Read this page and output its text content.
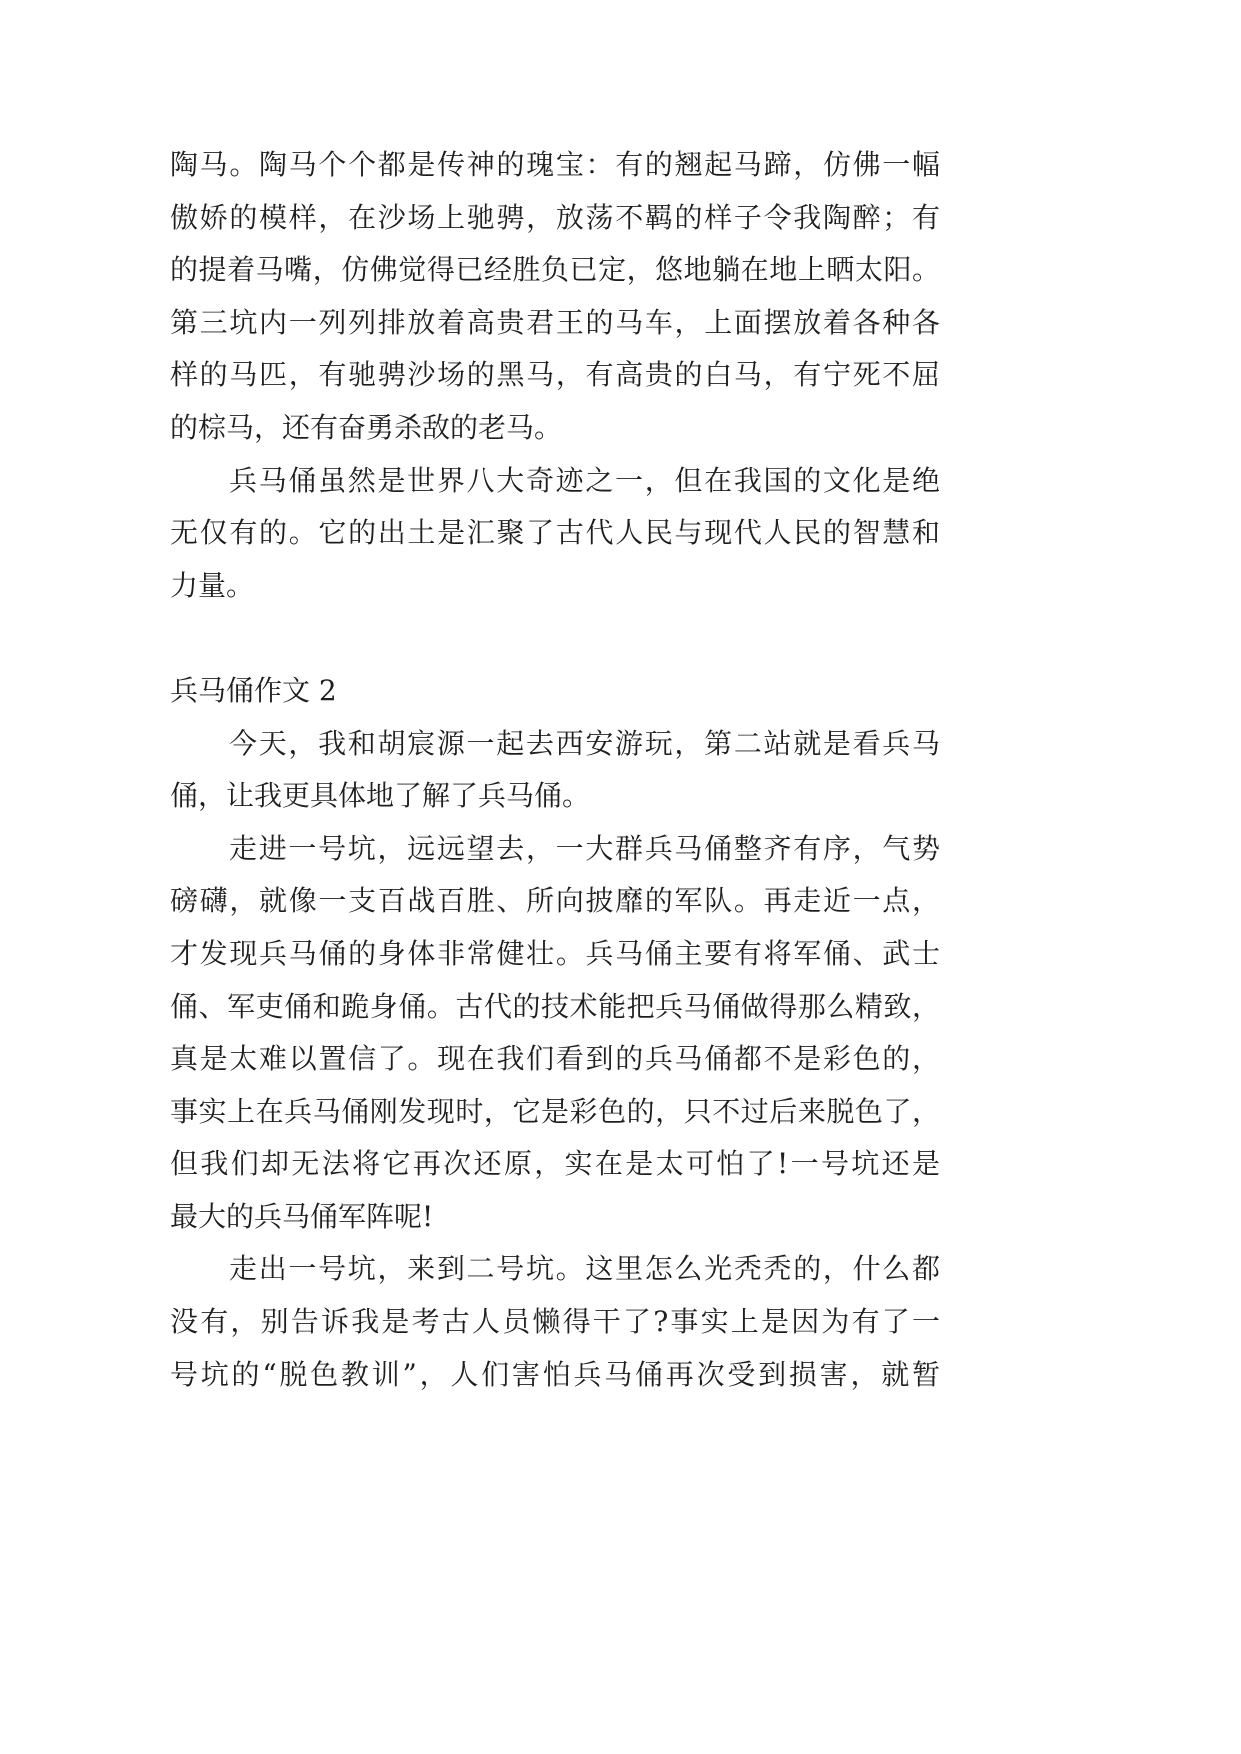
陶马。陶马个个都是传神的瑰宝：有的翘起马蹄，仿佛一幅
傲娇的模样，在沙场上驰骋，放荡不羁的样子令我陶醉；有
的提着马嘴，仿佛觉得已经胜负已定，悠地躺在地上晒太阳。
第三坑内一列列排放着高贵君王的马车，上面摆放着各种各
样的马匹，有驰骋沙场的黑马，有高贵的白马，有宁死不屈
的棕马，还有奋勇杀敌的老马。
兵马俑虽然是世界八大奇迹之一，但在我国的文化是绝
无仅有的。它的出土是汇聚了古代人民与现代人民的智慧和
力量。
兵马俑作文 2
今天，我和胡宸源一起去西安游玩，第二站就是看兵马
俑，让我更具体地了解了兵马俑。
走进一号坑，远远望去，一大群兵马俑整齐有序，气势
磅礴，就像一支百战百胜、所向披靡的军队。再走近一点，
才发现兵马俑的身体非常健壮。兵马俑主要有将军俑、武士
俑、军吏俑和跪身俑。古代的技术能把兵马俑做得那么精致，
真是太难以置信了。现在我们看到的兵马俑都不是彩色的，
事实上在兵马俑刚发现时，它是彩色的，只不过后来脱色了，
但我们却无法将它再次还原，实在是太可怕了!一号坑还是
最大的兵马俑军阵呢!
走出一号坑，来到二号坑。这里怎么光秃秃的，什么都
没有，别告诉我是考古人员懒得干了?事实上是因为有了一
号坑的“脱色教训”，人们害怕兵马俑再次受到损害，就暂
